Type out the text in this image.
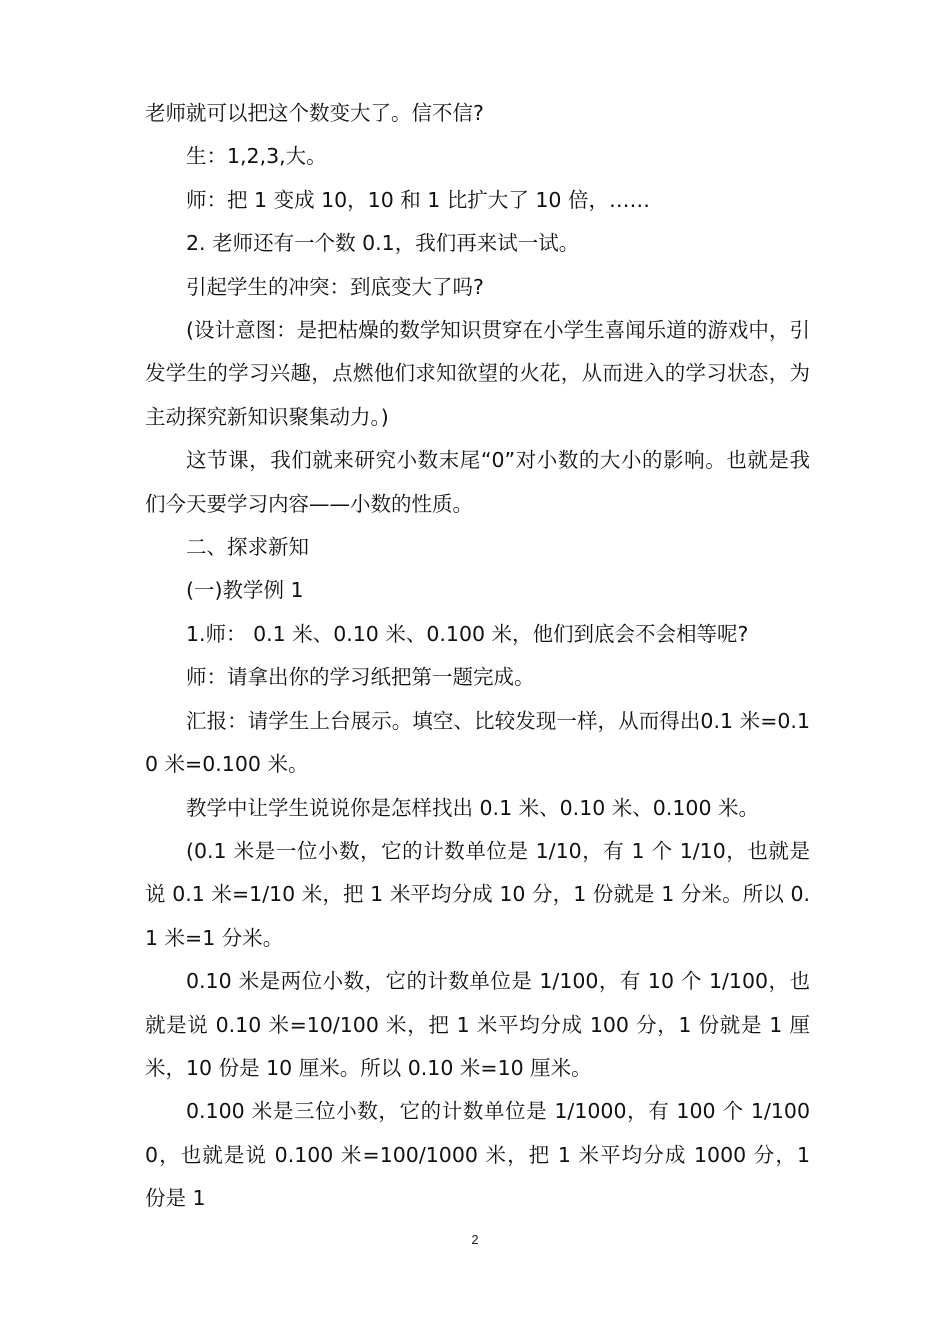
老师就可以把这个数变大了。信不信?

生：1,2,3,大。

师：把 1 变成 10，10 和 1 比扩大了 10 倍，……

2. 老师还有一个数 0.1，我们再来试一试。

引起学生的冲突：到底变大了吗?

(设计意图：是把枯燥的数学知识贯穿在小学生喜闻乐道的游戏中，引发学生的学习兴趣，点燃他们求知欲望的火花，从而进入的学习状态，为主动探究新知识聚集动力。)

这节课，我们就来研究小数末尾“0”对小数的大小的影响。也就是我们今天要学习内容——小数的性质。

二、探求新知

(一)教学例 1

1.师： 0.1 米、0.10 米、0.100 米，他们到底会不会相等呢?

师：请拿出你的学习纸把第一题完成。

汇报：请学生上台展示。填空、比较发现一样，从而得出0.1 米=0.10 米=0.100 米。

教学中让学生说说你是怎样找出 0.1 米、0.10 米、0.100 米。

(0.1 米是一位小数，它的计数单位是 1/10，有 1 个 1/10，也就是说 0.1 米=1/10 米，把 1 米平均分成 10 分，1 份就是 1 分米。所以 0.1 米=1 分米。

0.10 米是两位小数，它的计数单位是 1/100，有 10 个 1/100，也就是说 0.10 米=10/100 米，把 1 米平均分成 100 分，1 份就是 1 厘米，10 份是 10 厘米。所以 0.10 米=10 厘米。

0.100 米是三位小数，它的计数单位是 1/1000，有 100 个 1/1000，也就是说 0.100 米=100/1000 米，把 1 米平均分成 1000 分，1 份是 1

2
